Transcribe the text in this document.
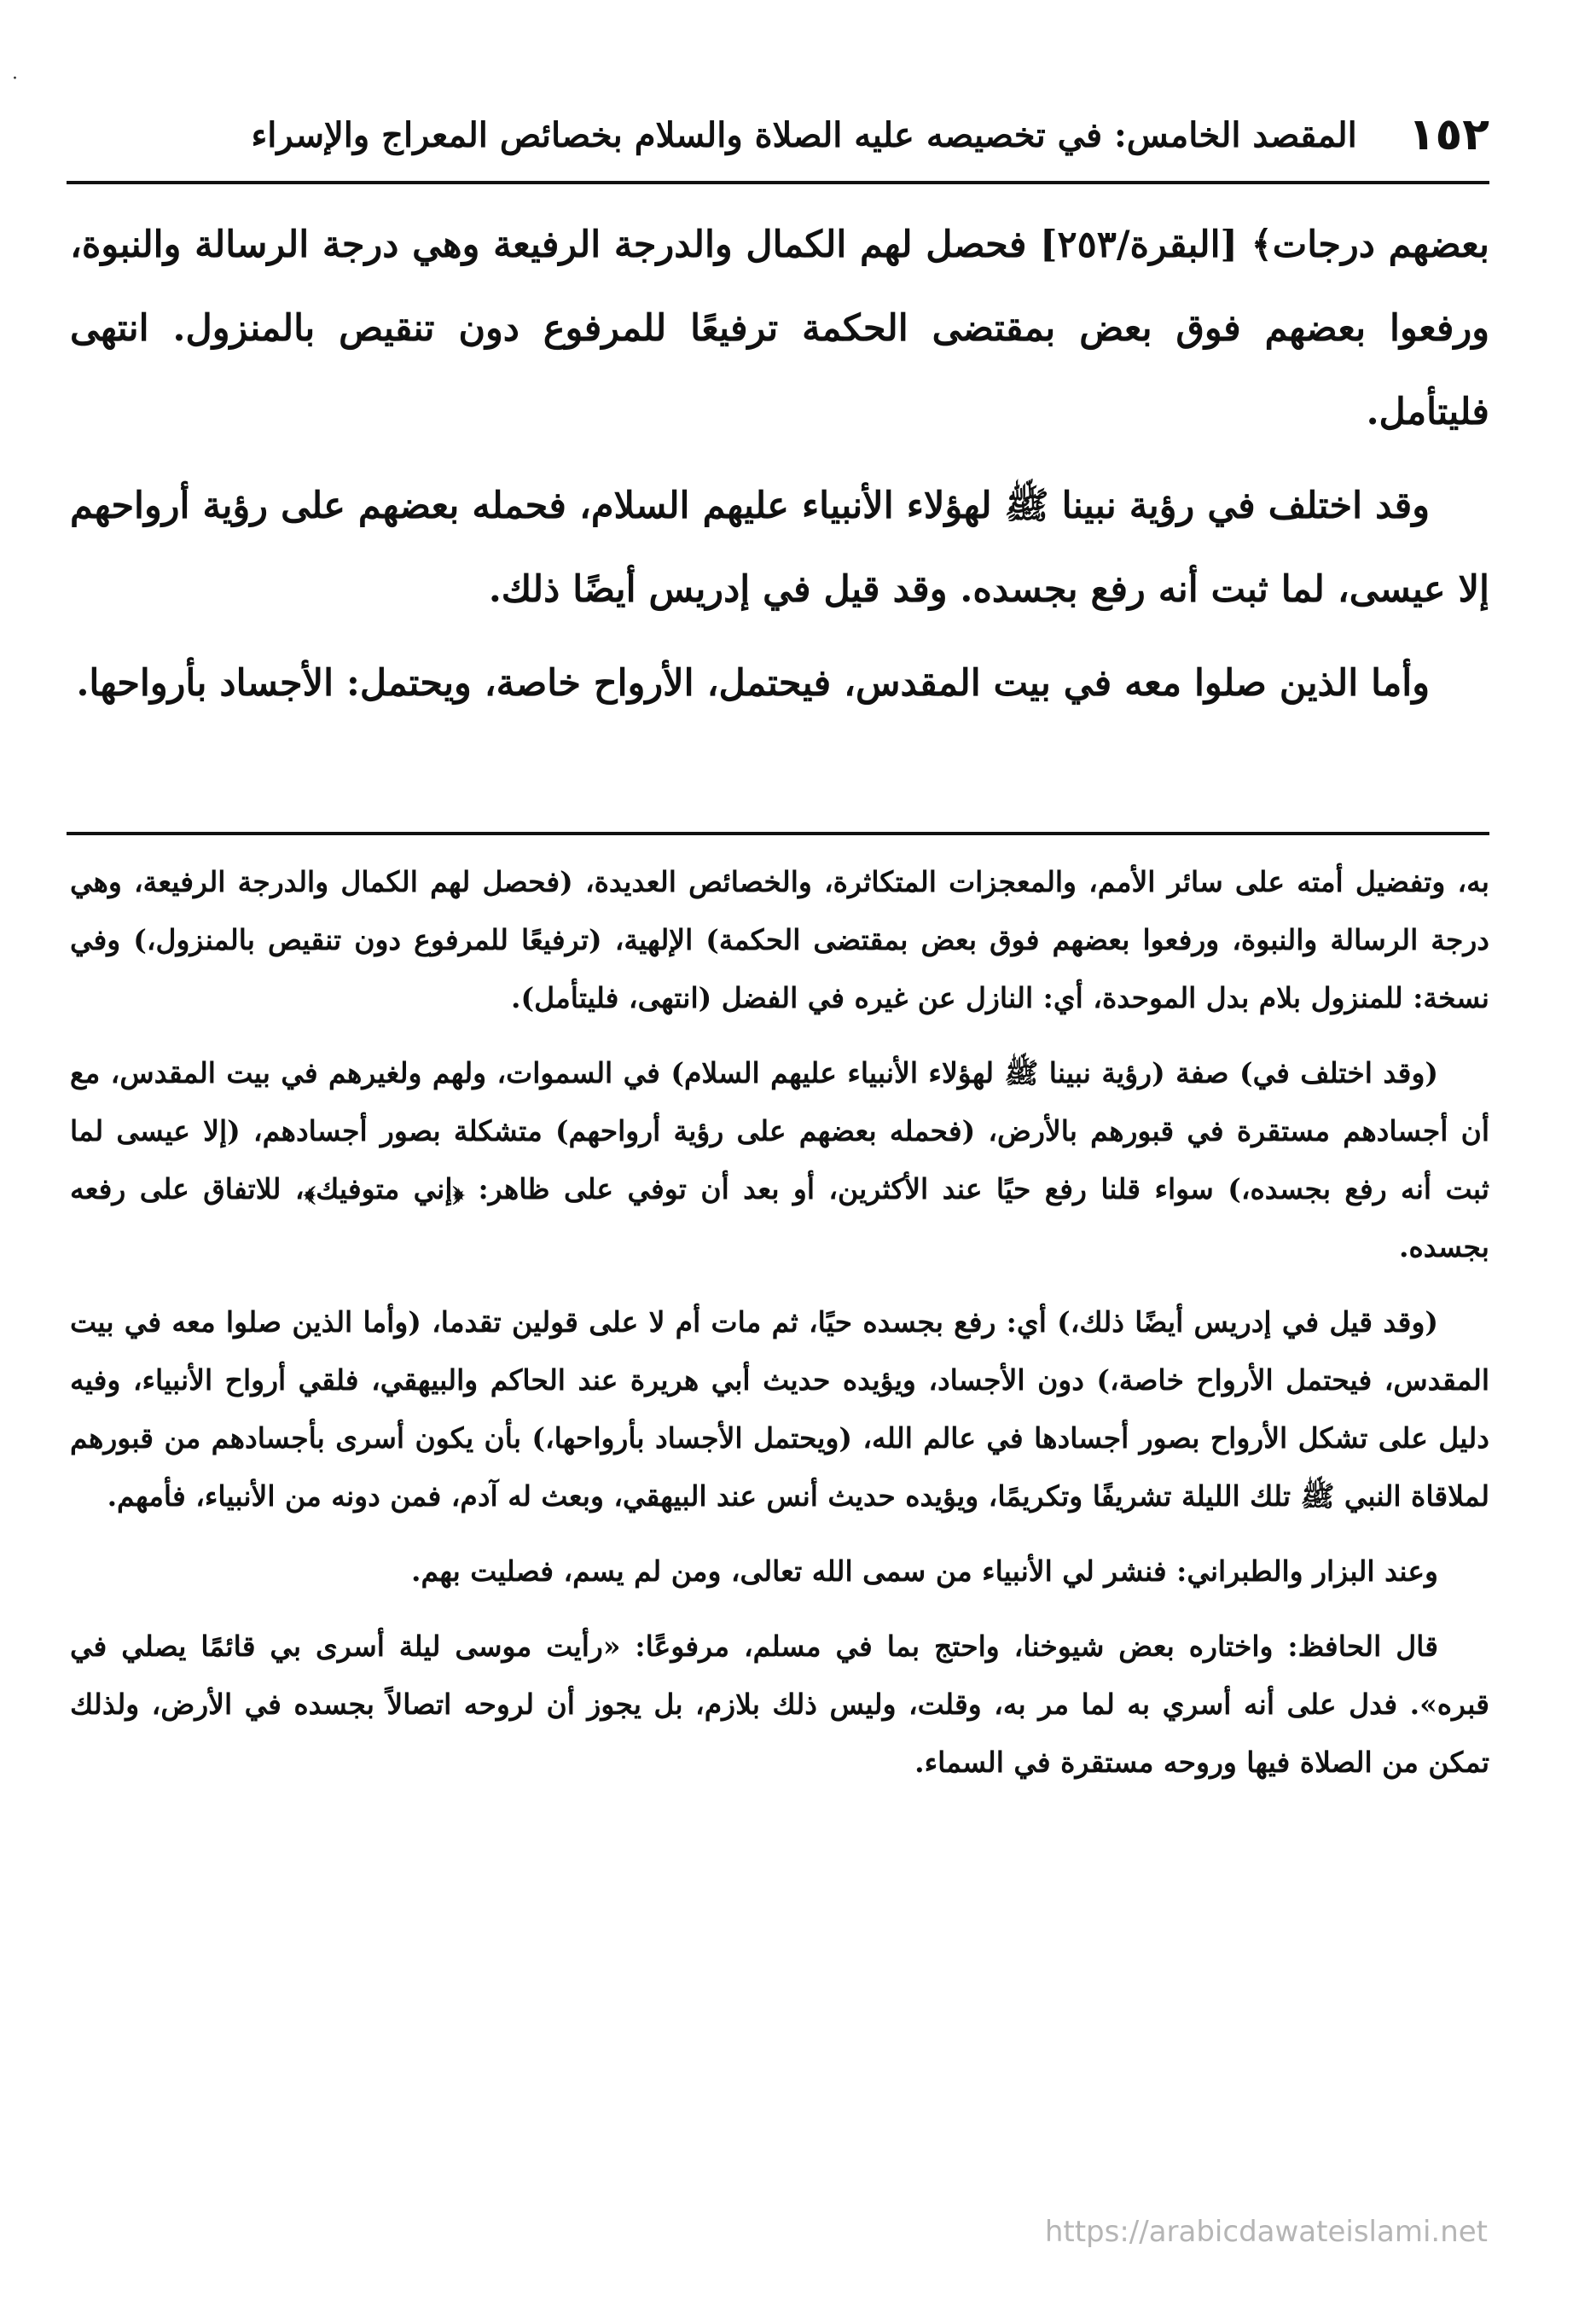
·
١٥٢
المقصد الخامس: في تخصيصه عليه الصلاة والسلام بخصائص المعراج والإسراء

بعضهم درجات﴾ [البقرة/٢٥٣] فحصل لهم الكمال والدرجة الرفيعة وهي درجة الرسالة والنبوة، ورفعوا بعضهم فوق بعض بمقتضى الحكمة ترفيعًا للمرفوع دون تنقيص بالمنزول. انتهى فليتأمل.

وقد اختلف في رؤية نبينا ﷺ لهؤلاء الأنبياء عليهم السلام، فحمله بعضهم على رؤية أرواحهم إلا عيسى، لما ثبت أنه رفع بجسده. وقد قيل في إدريس أيضًا ذلك.

وأما الذين صلوا معه في بيت المقدس، فيحتمل، الأرواح خاصة، ويحتمل: الأجساد بأرواحها.

به، وتفضيل أمته على سائر الأمم، والمعجزات المتكاثرة، والخصائص العديدة، (فحصل لهم الكمال والدرجة الرفيعة، وهي درجة الرسالة والنبوة، ورفعوا بعضهم فوق بعض بمقتضى الحكمة) الإلهية، (ترفيعًا للمرفوع دون تنقيص بالمنزول،) وفي نسخة: للمنزول بلام بدل الموحدة، أي: النازل عن غيره في الفضل (انتهى، فليتأمل).

(وقد اختلف في) صفة (رؤية نبينا ﷺ لهؤلاء الأنبياء عليهم السلام) في السموات، ولهم ولغيرهم في بيت المقدس، مع أن أجسادهم مستقرة في قبورهم بالأرض، (فحمله بعضهم على رؤية أرواحهم) متشكلة بصور أجسادهم، (إلا عيسى لما ثبت أنه رفع بجسده،) سواء قلنا رفع حيًا عند الأكثرين، أو بعد أن توفي على ظاهر: ﴿إني متوفيك﴾، للاتفاق على رفعه بجسده.

(وقد قيل في إدريس أيضًا ذلك،) أي: رفع بجسده حيًا، ثم مات أم لا على قولين تقدما، (وأما الذين صلوا معه في بيت المقدس، فيحتمل الأرواح خاصة،) دون الأجساد، ويؤيده حديث أبي هريرة عند الحاكم والبيهقي، فلقي أرواح الأنبياء، وفيه دليل على تشكل الأرواح بصور أجسادها في عالم الله، (ويحتمل الأجساد بأرواحها،) بأن يكون أسرى بأجسادهم من قبورهم لملاقاة النبي ﷺ تلك الليلة تشريفًا وتكريمًا، ويؤيده حديث أنس عند البيهقي، وبعث له آدم، فمن دونه من الأنبياء، فأمهم.

وعند البزار والطبراني: فنشر لي الأنبياء من سمى الله تعالى، ومن لم يسم، فصليت بهم.

قال الحافظ: واختاره بعض شيوخنا، واحتج بما في مسلم، مرفوعًا: «رأيت موسى ليلة أسرى بي قائمًا يصلي في قبره». فدل على أنه أسري به لما مر به، وقلت، وليس ذلك بلازم، بل يجوز أن لروحه اتصالاً بجسده في الأرض، ولذلك تمكن من الصلاة فيها وروحه مستقرة في السماء.

https://arabicdawateislami.net
